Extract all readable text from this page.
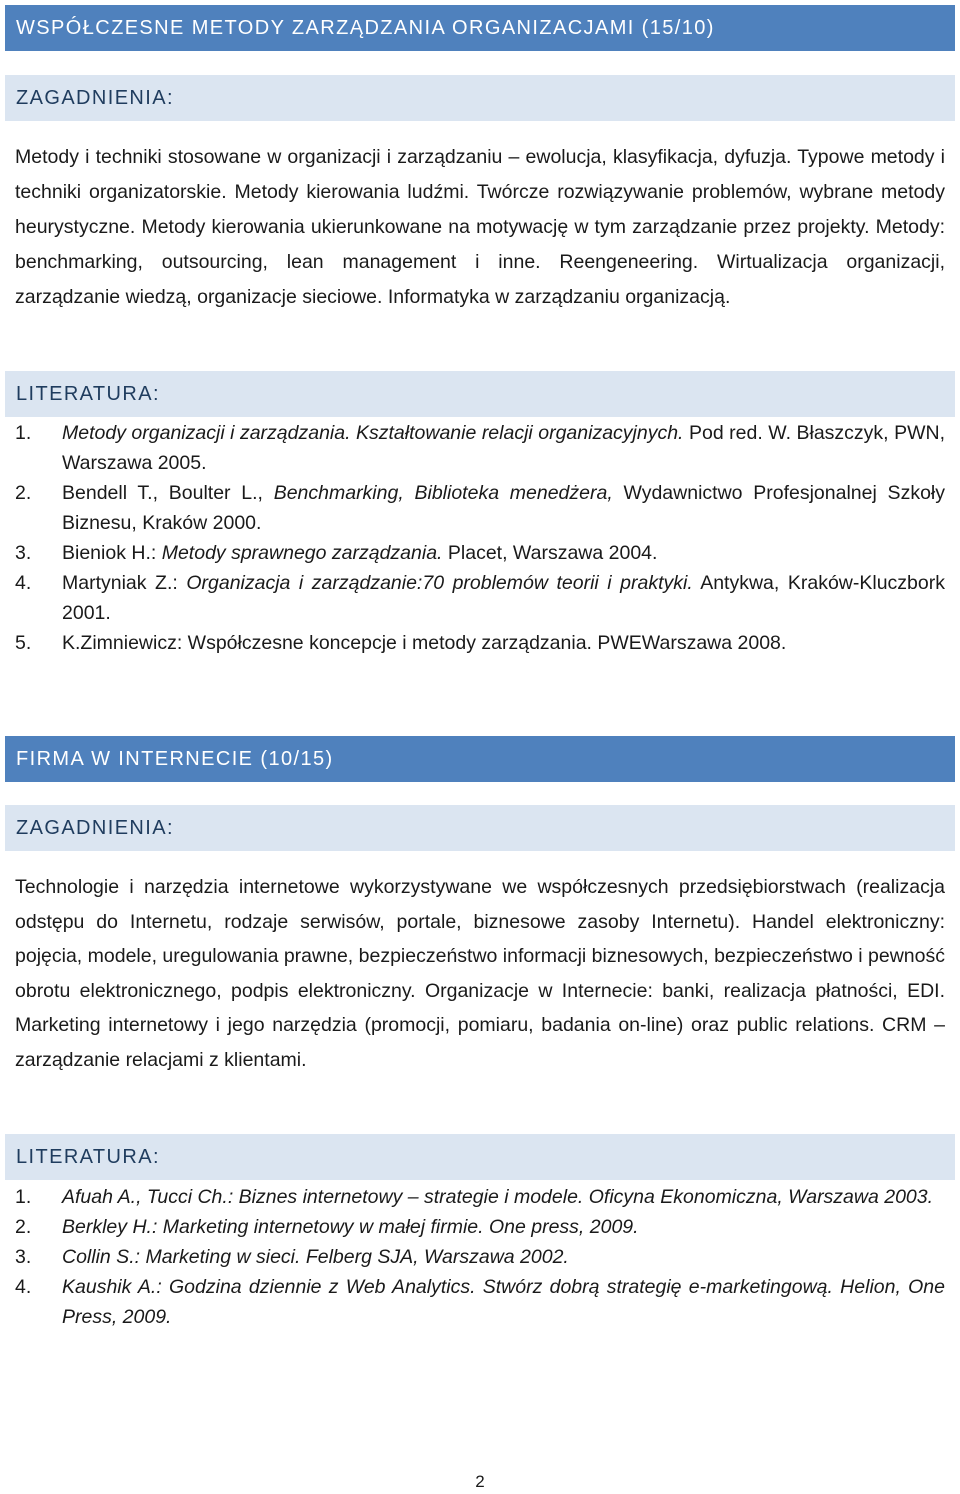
WSPÓŁCZESNE METODY ZARZĄDZANIA ORGANIZACJAMI (15/10)
ZAGADNIENIA:
Metody i techniki stosowane w organizacji i zarządzaniu – ewolucja, klasyfikacja, dyfuzja. Typowe metody i techniki organizatorskie. Metody kierowania ludźmi. Twórcze rozwiązywanie problemów, wybrane metody heurystyczne. Metody kierowania ukierunkowane na motywację w tym zarządzanie przez projekty. Metody: benchmarking, outsourcing, lean management i inne. Reengeneering. Wirtualizacja organizacji, zarządzanie wiedzą, organizacje sieciowe. Informatyka w zarządzaniu organizacją.
LITERATURA:
1.	Metody organizacji i zarządzania. Kształtowanie relacji organizacyjnych. Pod red. W. Błaszczyk, PWN, Warszawa 2005.
2.	Bendell T., Boulter L., Benchmarking, Biblioteka menedżera, Wydawnictwo Profesjonalnej Szkoły Biznesu, Kraków 2000.
3.	Bieniok H.: Metody sprawnego zarządzania. Placet, Warszawa 2004.
4.	Martyniak Z.: Organizacja i zarządzanie:70 problemów teorii i praktyki. Antykwa, Kraków-Kluczbork 2001.
5.	K.Zimniewicz: Współczesne koncepcje i metody zarządzania. PWEWarszawa 2008.
FIRMA W INTERNECIE (10/15)
ZAGADNIENIA:
Technologie i narzędzia internetowe wykorzystywane we współczesnych przedsiębiorstwach (realizacja odstępu do Internetu, rodzaje serwisów, portale, biznesowe zasoby Internetu). Handel elektroniczny: pojęcia, modele, uregulowania prawne, bezpieczeństwo informacji biznesowych, bezpieczeństwo i pewność obrotu elektronicznego, podpis elektroniczny. Organizacje w Internecie: banki, realizacja płatności, EDI. Marketing internetowy i jego narzędzia (promocji, pomiaru, badania on-line) oraz public relations. CRM – zarządzanie relacjami z klientami.
LITERATURA:
1.	Afuah A., Tucci Ch.: Biznes internetowy – strategie i modele. Oficyna Ekonomiczna, Warszawa 2003.
2.	Berkley H.: Marketing internetowy w małej firmie. One press, 2009.
3.	Collin S.: Marketing w sieci. Felberg SJA, Warszawa 2002.
4.	Kaushik A.: Godzina dziennie z Web Analytics. Stwórz dobrą strategię e-marketingową. Helion, One Press, 2009.
2
